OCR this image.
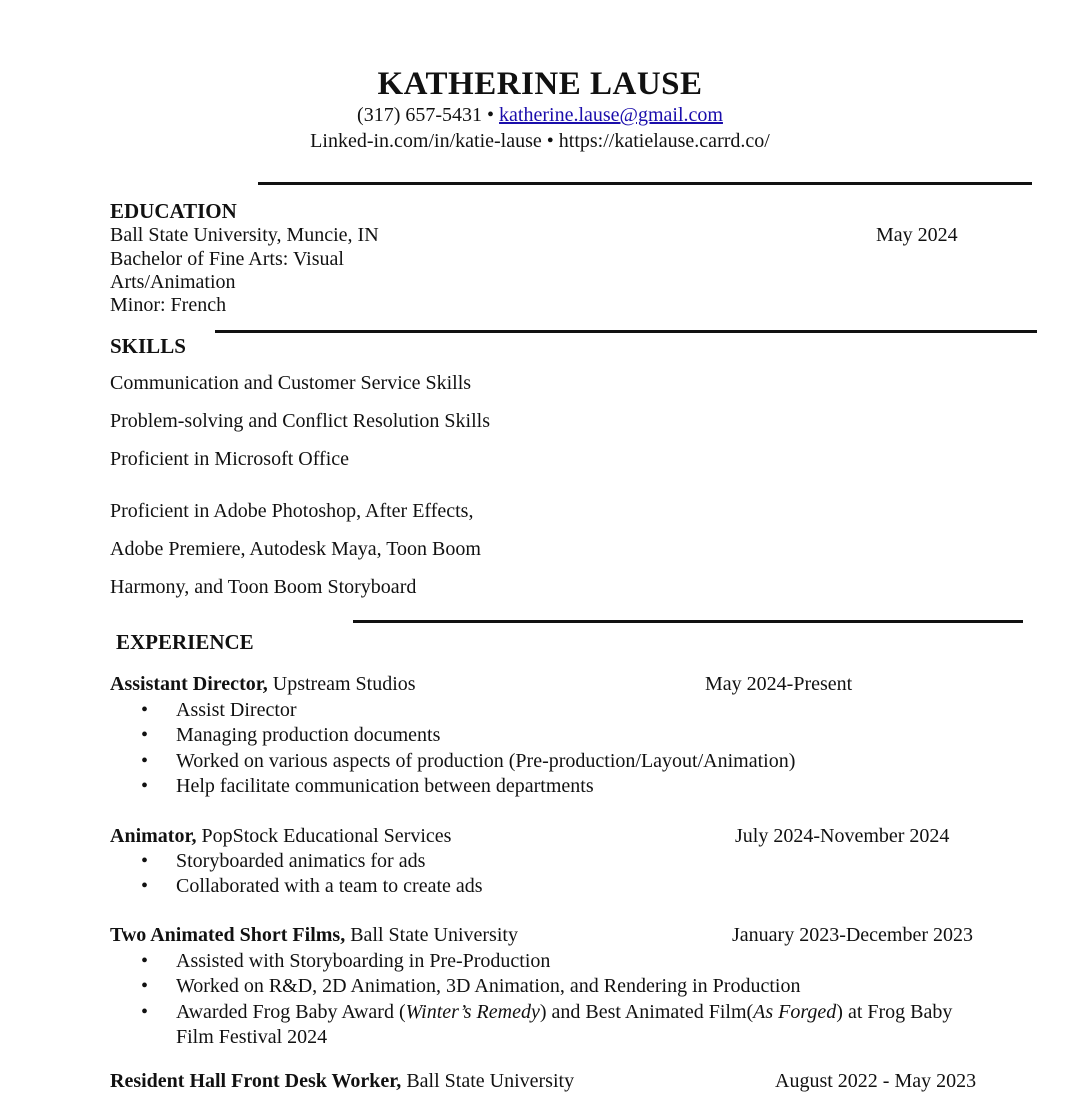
KATHERINE LAUSE
(317) 657-5431 • katherine.lause@gmail.com
Linked-in.com/in/katie-lause • https://katielause.carrd.co/
EDUCATION
Ball State University, Muncie, IN	May 2024
Bachelor of Fine Arts: Visual
Arts/Animation
Minor: French
SKILLS
Communication and Customer Service Skills
Problem-solving and Conflict Resolution Skills
Proficient in Microsoft Office
Proficient in Adobe Photoshop, After Effects,
Adobe Premiere, Autodesk Maya, Toon Boom
Harmony, and Toon Boom Storyboard
EXPERIENCE
Assistant Director, Upstream Studios	May 2024-Present
• Assist Director
• Managing production documents
• Worked on various aspects of production (Pre-production/Layout/Animation)
• Help facilitate communication between departments
Animator, PopStock Educational Services	July 2024-November 2024
• Storyboarded animatics for ads
• Collaborated with a team to create ads
Two Animated Short Films, Ball State University	January 2023-December 2023
• Assisted with Storyboarding in Pre-Production
• Worked on R&D, 2D Animation, 3D Animation, and Rendering in Production
• Awarded Frog Baby Award (Winter’s Remedy) and Best Animated Film(As Forged) at Frog Baby Film Festival 2024
Resident Hall Front Desk Worker, Ball State University	August 2022 - May 2023
